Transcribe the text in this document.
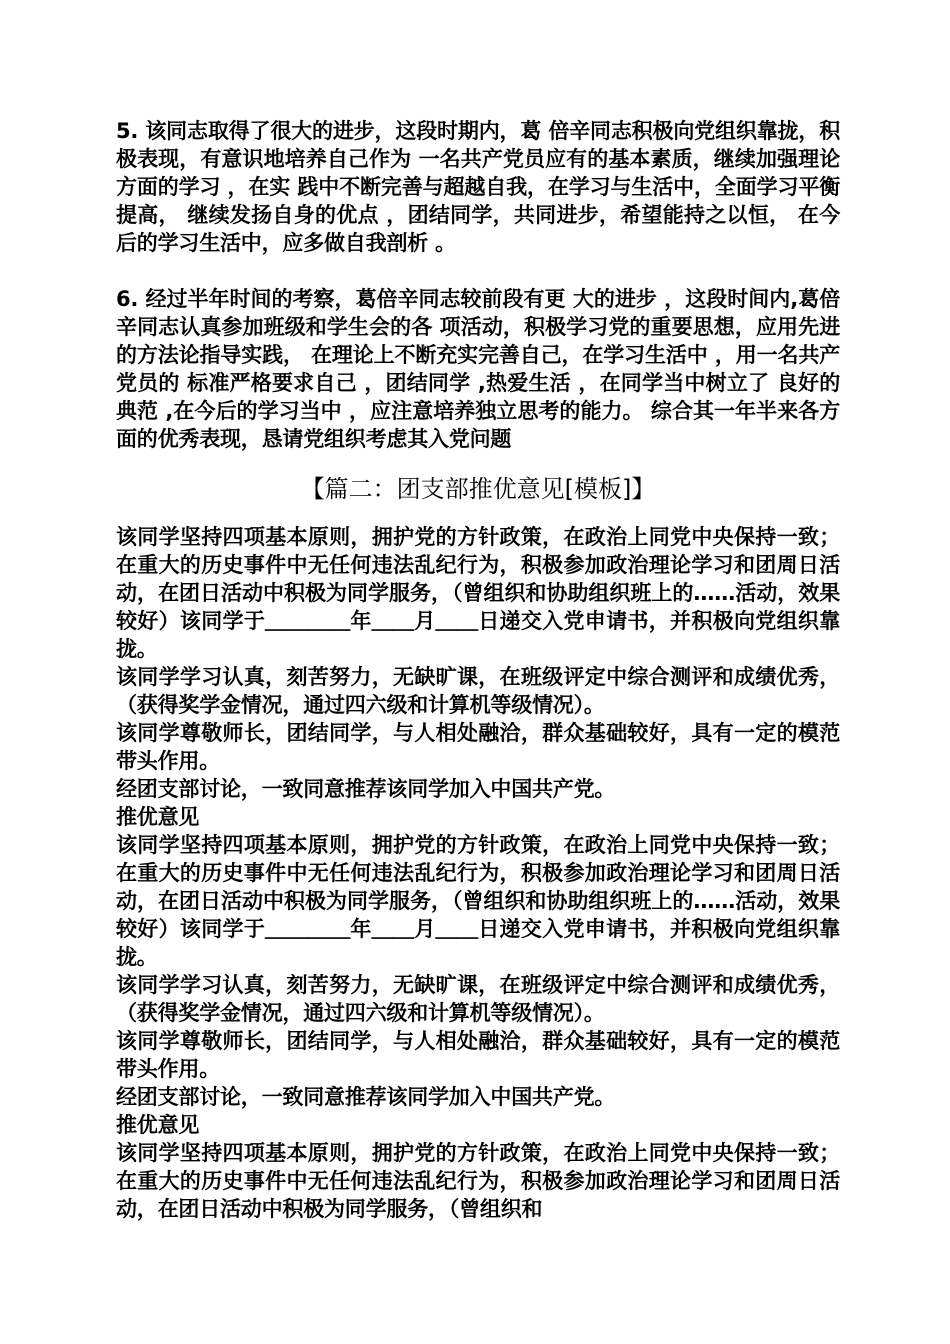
5. 该同志取得了很大的进步，这段时期内，葛 倍辛同志积极向党组织靠拢，积极表现，有意识地培养自己作为 一名共产党员应有的基本素质，继续加强理论方面的学习 ，在实 践中不断完善与超越自我，在学习与生活中，全面学习平衡提高， 继续发扬自身的优点 ，团结同学，共同进步，希望能持之以恒， 在今后的学习生活中，应多做自我剖析 。

6. 经过半年时间的考察，葛倍辛同志较前段有更 大的进步 ，这段时间内,葛倍辛同志认真参加班级和学生会的各 项活动，积极学习党的重要思想，应用先进的方法论指导实践， 在理论上不断充实完善自己，在学习生活中 ，用一名共产党员的 标准严格要求自己 ，团结同学 ,热爱生活 ，在同学当中树立了 良好的典范 ,在今后的学习当中 ，应注意培养独立思考的能力。 综合其一年半来各方面的优秀表现，恳请党组织考虑其入党问题

【篇二：团支部推优意见[模板]】

该同学坚持四项基本原则，拥护党的方针政策，在政治上同党中央保持一致；在重大的历史事件中无任何违法乱纪行为，积极参加政治理论学习和团周日活动，在团日活动中积极为同学服务，（曾组织和协助组织班上的……活动，效果较好）该同学于＿＿＿＿年＿＿月＿＿日递交入党申请书，并积极向党组织靠拢。

该同学学习认真，刻苦努力，无缺旷课，在班级评定中综合测评和成绩优秀，（获得奖学金情况，通过四六级和计算机等级情况）。

该同学尊敬师长，团结同学，与人相处融洽，群众基础较好，具有一定的模范带头作用。

经团支部讨论，一致同意推荐该同学加入中国共产党。

推优意见

该同学坚持四项基本原则，拥护党的方针政策，在政治上同党中央保持一致；在重大的历史事件中无任何违法乱纪行为，积极参加政治理论学习和团周日活动，在团日活动中积极为同学服务，（曾组织和协助组织班上的……活动，效果较好）该同学于＿＿＿＿年＿＿月＿＿日递交入党申请书，并积极向党组织靠拢。

该同学学习认真，刻苦努力，无缺旷课，在班级评定中综合测评和成绩优秀，（获得奖学金情况，通过四六级和计算机等级情况）。

该同学尊敬师长，团结同学，与人相处融洽，群众基础较好，具有一定的模范带头作用。

经团支部讨论，一致同意推荐该同学加入中国共产党。

推优意见

该同学坚持四项基本原则，拥护党的方针政策，在政治上同党中央保持一致；在重大的历史事件中无任何违法乱纪行为，积极参加政治理论学习和团周日活动，在团日活动中积极为同学服务，（曾组织和
